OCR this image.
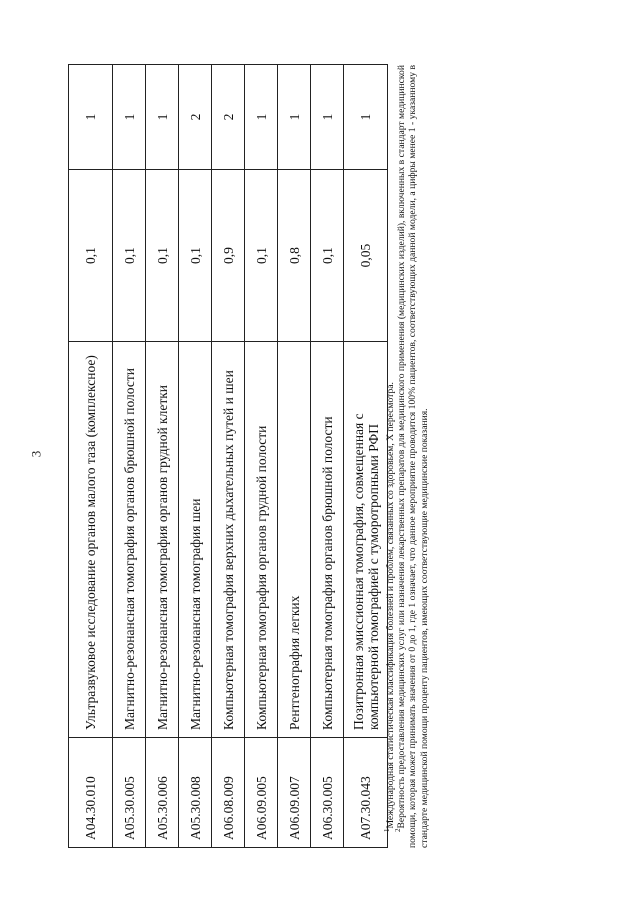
3
A04.30.010	Ультразвуковое исследование органов малого таза (комплексное)	0,1	1
A05.30.005	Магнитно-резонансная томография органов брюшной полости	0,1	1
A05.30.006	Магнитно-резонансная томография органов грудной клетки	0,1	1
A05.30.008	Магнитно-резонансная томография шеи	0,1	2
A06.08.009	Компьютерная томография верхних дыхательных путей и шеи	0,9	2
A06.09.005	Компьютерная томография органов грудной полости	0,1	1
A06.09.007	Рентгенография легких	0,8	1
A06.30.005	Компьютерная томография органов брюшной полости	0,1	1
A07.30.043	Позитронная эмиссионная томография, совмещенная с компьютерной томографией с туморотропными РФП	0,05	1

$^1$Международная статистическая классификация болезней и проблем, связанных со здоровьем, X пересмотра.

$^2$Вероятность предоставления медицинских услуг или назначения лекарственных препаратов для медицинского применения (медицинских изделий), включенных в стандарт медицинской помощи, которая может принимать значения от 0 до 1, где 1 означает, что данное мероприятие проводится 100% пациентов, соответствующих данной модели, а цифры менее 1 - указанному в стандарте медицинской помощи проценту пациентов, имеющих соответствующие медицинские показания.
